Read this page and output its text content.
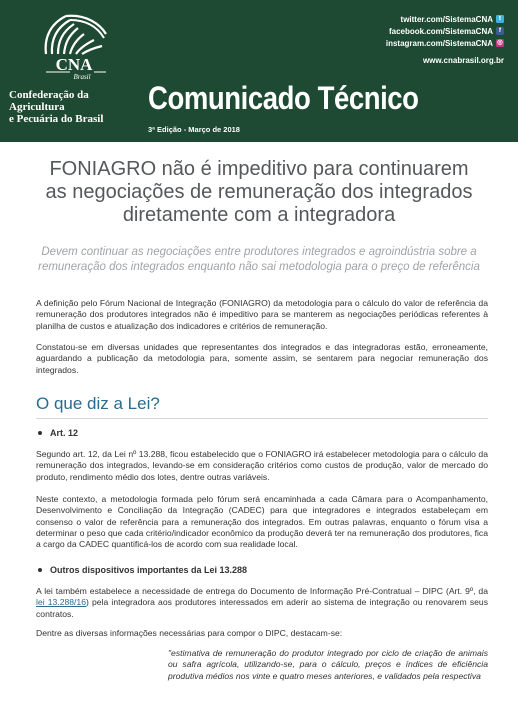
CNA
Brasil
Confederação da Agricultura
e Pecuária do Brasil
Comunicado Técnico
3ª Edição - Março de 2018
twitter.com/SistemaCNA t
facebook.com/SistemaCNA f
instagram.com/SistemaCNA ◎
www.cnabrasil.org.br
FONIAGRO não é impeditivo para continuarem
as negociações de remuneração dos integrados
diretamente com a integradora
Devem continuar as negociações entre produtores integrados e agroindústria sobre a
remuneração dos integrados enquanto não sai metodologia para o preço de referência

A definição pelo Fórum Nacional de Integração (FONIAGRO) da metodologia para o cálculo do valor de referência da remuneração dos produtores integrados não é impeditivo para se manterem as negociações periódicas referentes à planilha de custos e atualização dos indicadores e critérios de remuneração.

Constatou-se em diversas unidades que representantes dos integrados e das integradoras estão, erroneamente, aguardando a publicação da metodologia para, somente assim, se sentarem para negociar remuneração dos integrados.

O que diz a Lei?
Art. 12

Segundo art. 12, da Lei nº 13.288, ficou estabelecido que o FONIAGRO irá estabelecer metodologia para o cálculo da remuneração dos integrados, levando-se em consideração critérios como custos de produção, valor de mercado do produto, rendimento médio dos lotes, dentre outras variáveis.

Neste contexto, a metodologia formada pelo fórum será encaminhada a cada Câmara para o Acompanhamento, Desenvolvimento e Conciliação da Integração (CADEC) para que integradores e integrados estabeleçam em consenso o valor de referência para a remuneração dos integrados. Em outras palavras, enquanto o fórum visa a determinar o peso que cada critério/indicador econômico da produção deverá ter na remuneração dos produtores, fica a cargo da CADEC quantificá-los de acordo com sua realidade local.

Outros dispositivos importantes da Lei 13.288

A lei também estabelece a necessidade de entrega do Documento de Informação Pré-Contratual – DIPC (Art. 9º, da lei 13.288/16) pela integradora aos produtores interessados em aderir ao sistema de integração ou renovarem seus contratos.

Dentre as diversas informações necessárias para compor o DIPC, destacam-se:

"estimativa de remuneração do produtor integrado por ciclo de criação de animais ou safra agrícola, utilizando-se, para o cálculo, preços e índices de eficiência produtiva médios nos vinte e quatro meses anteriores, e validados pela respectiva
